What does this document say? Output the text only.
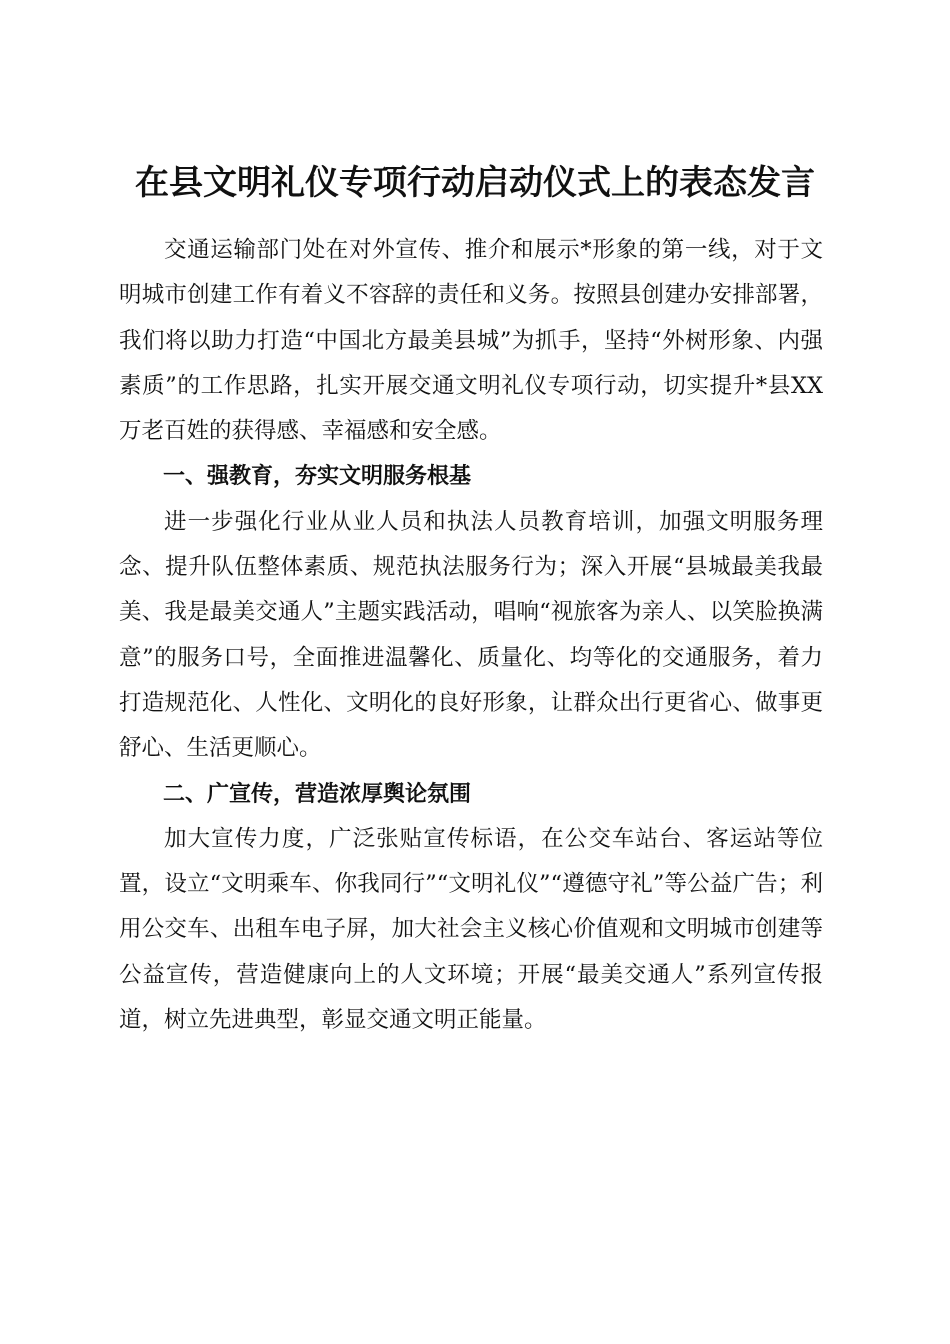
在县文明礼仪专项行动启动仪式上的表态发言

交通运输部门处在对外宣传、推介和展示*形象的第一线，对于文明城市创建工作有着义不容辞的责任和义务。按照县创建办安排部署，我们将以助力打造“中国北方最美县城”为抓手，坚持“外树形象、内强素质”的工作思路，扎实开展交通文明礼仪专项行动，切实提升*县XX万老百姓的获得感、幸福感和安全感。

一、强教育，夯实文明服务根基

进一步强化行业从业人员和执法人员教育培训，加强文明服务理念、提升队伍整体素质、规范执法服务行为；深入开展“县城最美我最美、我是最美交通人”主题实践活动，唱响“视旅客为亲人、以笑脸换满意”的服务口号，全面推进温馨化、质量化、均等化的交通服务，着力打造规范化、人性化、文明化的良好形象，让群众出行更省心、做事更舒心、生活更顺心。

二、广宣传，营造浓厚舆论氛围

加大宣传力度，广泛张贴宣传标语，在公交车站台、客运站等位置，设立“文明乘车、你我同行”“文明礼仪”“遵德守礼”等公益广告；利用公交车、出租车电子屏，加大社会主义核心价值观和文明城市创建等公益宣传，营造健康向上的人文环境；开展“最美交通人”系列宣传报道，树立先进典型，彰显交通文明正能量。
